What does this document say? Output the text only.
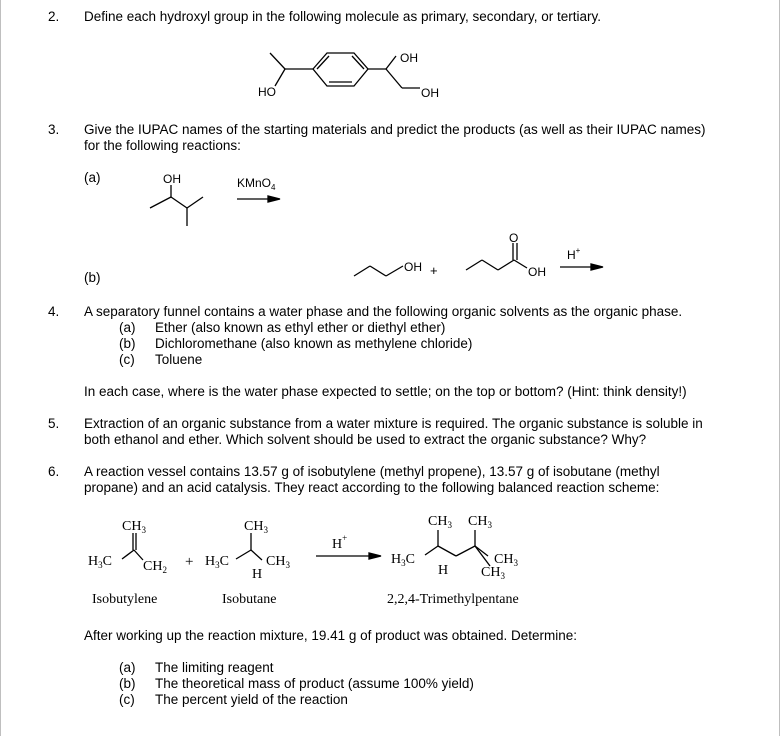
2. Define each hydroxyl group in the following molecule as primary, secondary, or tertiary.
OH
HO	OH
OH	KMnO$_4$
OH +
O
OH
H+
$CH_3$
$H_3C$ $CH_2$ +
$CH_3$
$H_3C$	$CH_3$
H
H+
$CH_3$ $CH_3$
$H_3C$
H
$CH_3$
$CH_3$
3. Give the IUPAC names of the starting materials and predict the products (as well as their IUPAC names)
for the following reactions:
(a)
(b)
4. A separatory funnel contains a water phase and the following organic solvents as the organic phase.
(a) Ether (also known as ethyl ether or diethyl ether)
(b) Dichloromethane (also known as methylene chloride)
(c) Toluene
In each case, where is the water phase expected to settle; on the top or bottom? (Hint: think density!)
5. Extraction of an organic substance from a water mixture is required. The organic substance is soluble in
both ethanol and ether. Which solvent should be used to extract the organic substance? Why?
6. A reaction vessel contains 13.57 g of isobutylene (methyl propene), 13.57 g of isobutane (methyl
propane) and an acid catalysis. They react according to the following balanced reaction scheme:
Isobutylene	Isobutane	2,2,4-Trimethylpentane
After working up the reaction mixture, 19.41 g of product was obtained. Determine:
(a) The limiting reagent
(b) The theoretical mass of product (assume 100% yield)
(c) The percent yield of the reaction
